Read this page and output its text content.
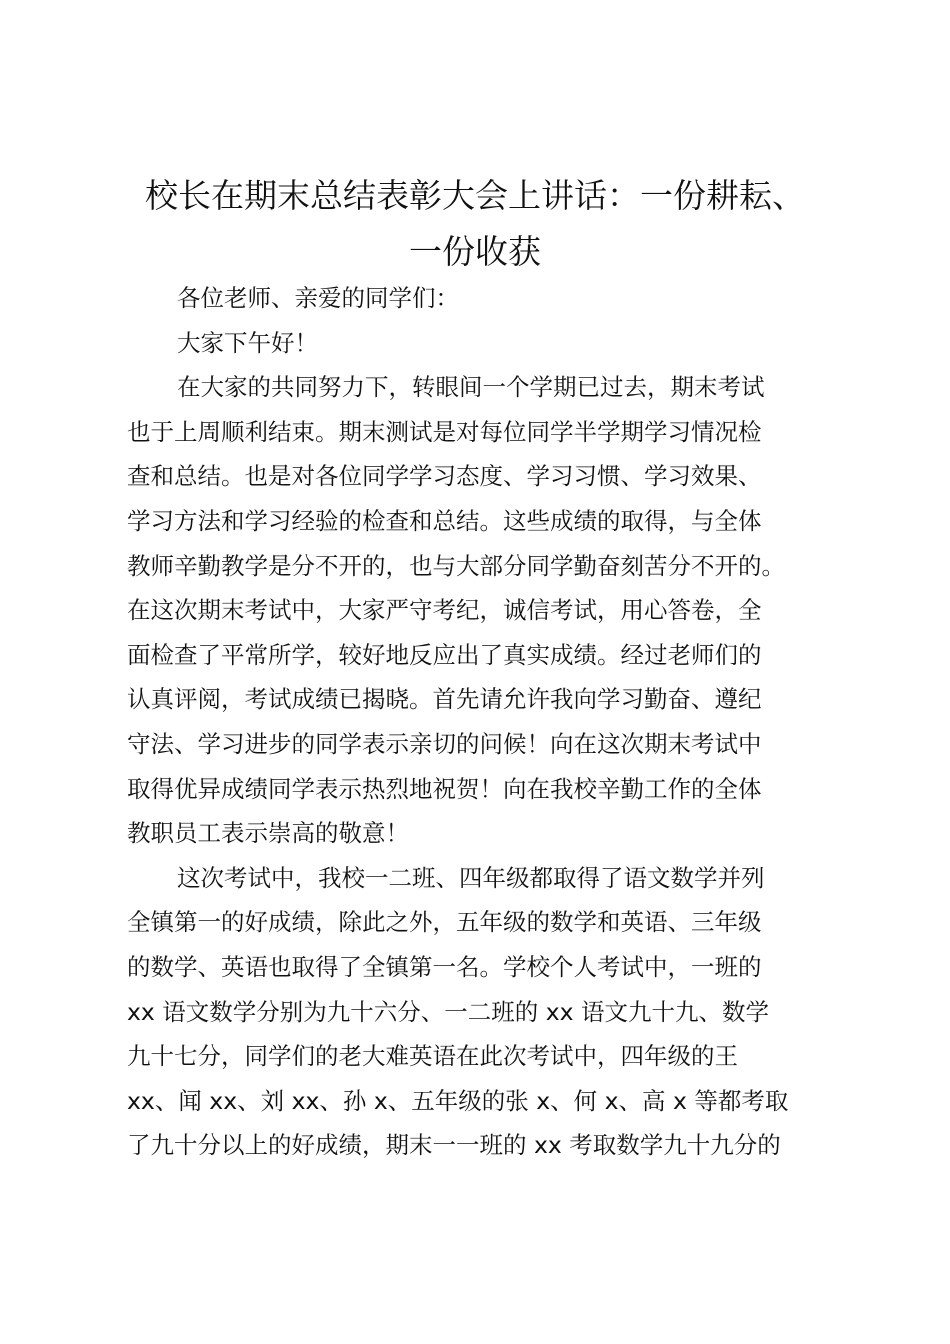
校长在期末总结表彰大会上讲话：一份耕耘、
一份收获
各位老师、亲爱的同学们：
大家下午好！
在大家的共同努力下，转眼间一个学期已过去，期末考试
也于上周顺利结束。期末测试是对每位同学半学期学习情况检
查和总结。也是对各位同学学习态度、学习习惯、学习效果、
学习方法和学习经验的检查和总结。这些成绩的取得，与全体
教师辛勤教学是分不开的，也与大部分同学勤奋刻苦分不开的。
在这次期末考试中，大家严守考纪，诚信考试，用心答卷，全
面检查了平常所学，较好地反应出了真实成绩。经过老师们的
认真评阅，考试成绩已揭晓。首先请允许我向学习勤奋、遵纪
守法、学习进步的同学表示亲切的问候！向在这次期末考试中
取得优异成绩同学表示热烈地祝贺！向在我校辛勤工作的全体
教职员工表示崇高的敬意！
这次考试中，我校一二班、四年级都取得了语文数学并列
全镇第一的好成绩，除此之外，五年级的数学和英语、三年级
的数学、英语也取得了全镇第一名。学校个人考试中，一班的
xx 语文数学分别为九十六分、一二班的 xx 语文九十九、数学
九十七分，同学们的老大难英语在此次考试中，四年级的王
xx、闻 xx、刘 xx、孙 x、五年级的张 x、何 x、高 x 等都考取
了九十分以上的好成绩，期末一一班的 xx 考取数学九十九分的
